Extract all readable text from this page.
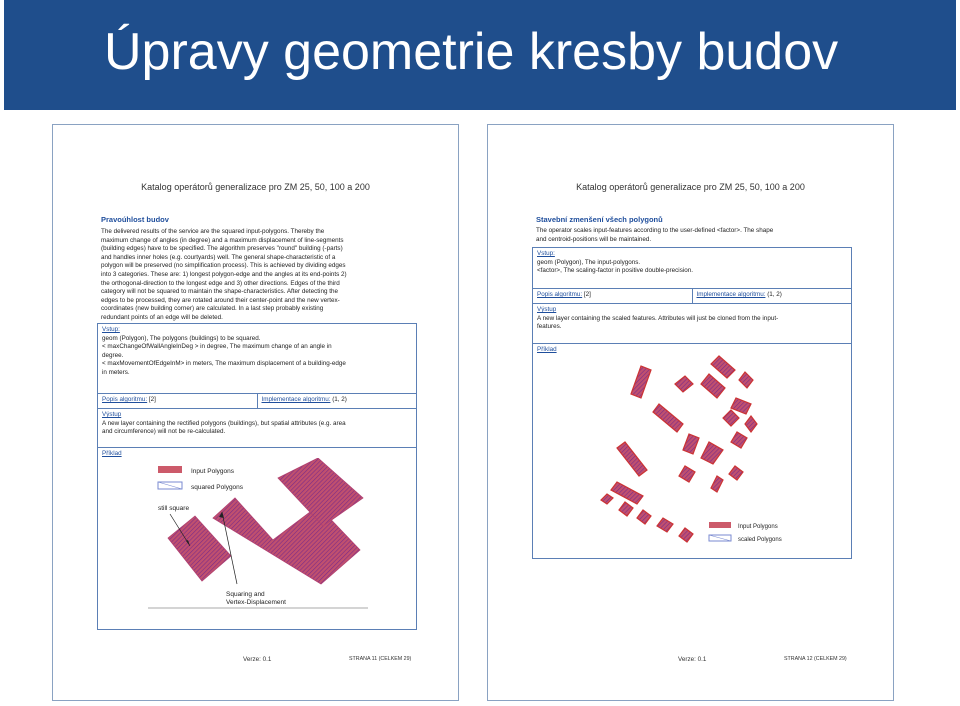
Úpravy geometrie kresby budov
Katalog operátorů generalizace pro ZM 25, 50, 100 a 200
Pravoúhlost budov
The delivered results of the service are the squared input-polygons. Thereby the
maximum change of angles (in degree) and a maximum displacement of line-segments
(building edges) have to be specified. The algorithm preserves "round" building (-parts)
and handles inner holes (e.g. courtyards) well. The general shape-characteristic of a
polygon will be preserved (no simplification process). This is achieved by dividing edges
into 3 categories. These are: 1) longest polygon-edge and the angles at its end-points 2)
the orthogonal-direction to the longest edge and 3) other directions. Edges of the third
category will not be squared to maintain the shape-characteristics. After detecting the
edges to be processed, they are rotated around their center-point and the new vertex-
coordinates (new building corner) are calculated. In a last step probably existing
redundant points of an edge will be deleted.
Vstup:
geom (Polygon), The polygons (buildings) to be squared.
< maxChangeOfWallAngleInDeg > in degree, The maximum change of an angle in
degree.
< maxMovementOfEdgeInM> in meters, The maximum displacement of a building-edge
in meters.
Popis algoritmu: [2]	Implementace algoritmu: (1, 2)
Výstup
A new layer containing the rectified polygons (buildings), but spatial attributes (e.g. area
and circumference) will not be re-calculated.
Příklad
Input Polygons
squared Polygons
still square
Squaring and
Vertex-Displacement
Verze: 0.1	STRANA 11 (CELKEM 29)
Katalog operátorů generalizace pro ZM 25, 50, 100 a 200
Stavební zmenšení všech polygonů
The operator scales input-features according to the user-defined <factor>. The shape
and centroid-positions will be maintained.
Vstup:
geom (Polygon), The input-polygons.
<factor>, The scaling-factor in positive double-precision.
Popis algoritmu: [2]	Implementace algoritmu: (1, 2)
Výstup
A new layer containing the scaled features. Attributes will just be cloned from the input-
features.
Příklad
Input Polygons
scaled Polygons
Verze: 0.1	STRANA 12 (CELKEM 29)
